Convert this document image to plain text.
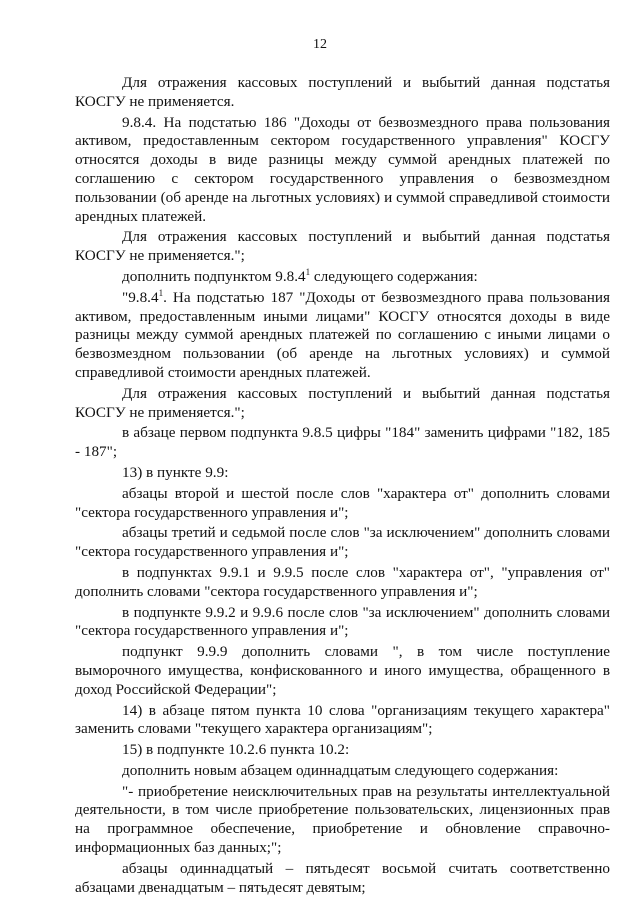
12

Для отражения кассовых поступлений и выбытий данная подстатья КОСГУ не применяется.

9.8.4. На подстатью 186 "Доходы от безвозмездного права пользования активом, предоставленным сектором государственного управления" КОСГУ относятся доходы в виде разницы между суммой арендных платежей по соглашению с сектором государственного управления о безвозмездном пользовании (об аренде на льготных условиях) и суммой справедливой стоимости арендных платежей.

Для отражения кассовых поступлений и выбытий данная подстатья КОСГУ не применяется.";

дополнить подпунктом 9.8.4$^1$ следующего содержания:

"9.8.4$^1$. На подстатью 187 "Доходы от безвозмездного права пользования активом, предоставленным иными лицами" КОСГУ относятся доходы в виде разницы между суммой арендных платежей по соглашению с иными лицами о безвозмездном пользовании (об аренде на льготных условиях) и суммой справедливой стоимости арендных платежей.

Для отражения кассовых поступлений и выбытий данная подстатья КОСГУ не применяется.";

в абзаце первом подпункта 9.8.5 цифры "184" заменить цифрами "182, 185 - 187";

13) в пункте 9.9:

абзацы второй и шестой после слов "характера от" дополнить словами "сектора государственного управления и";

абзацы третий и седьмой после слов "за исключением" дополнить словами "сектора государственного управления и";

в подпунктах 9.9.1 и 9.9.5 после слов "характера от", "управления от" дополнить словами "сектора государственного управления и";

в подпункте 9.9.2 и 9.9.6 после слов "за исключением" дополнить словами "сектора государственного управления и";

подпункт 9.9.9 дополнить словами ", в том числе поступление выморочного имущества, конфискованного и иного имущества, обращенного в доход Российской Федерации";

14) в абзаце пятом пункта 10 слова "организациям текущего характера" заменить словами "текущего характера организациям";

15) в подпункте 10.2.6 пункта 10.2:

дополнить новым абзацем одиннадцатым следующего содержания:

"- приобретение неисключительных прав на результаты интеллектуальной деятельности, в том числе приобретение пользовательских, лицензионных прав на программное обеспечение, приобретение и обновление справочно-информационных баз данных;";

абзацы одиннадцатый – пятьдесят восьмой считать соответственно абзацами двенадцатым – пятьдесят девятым;
